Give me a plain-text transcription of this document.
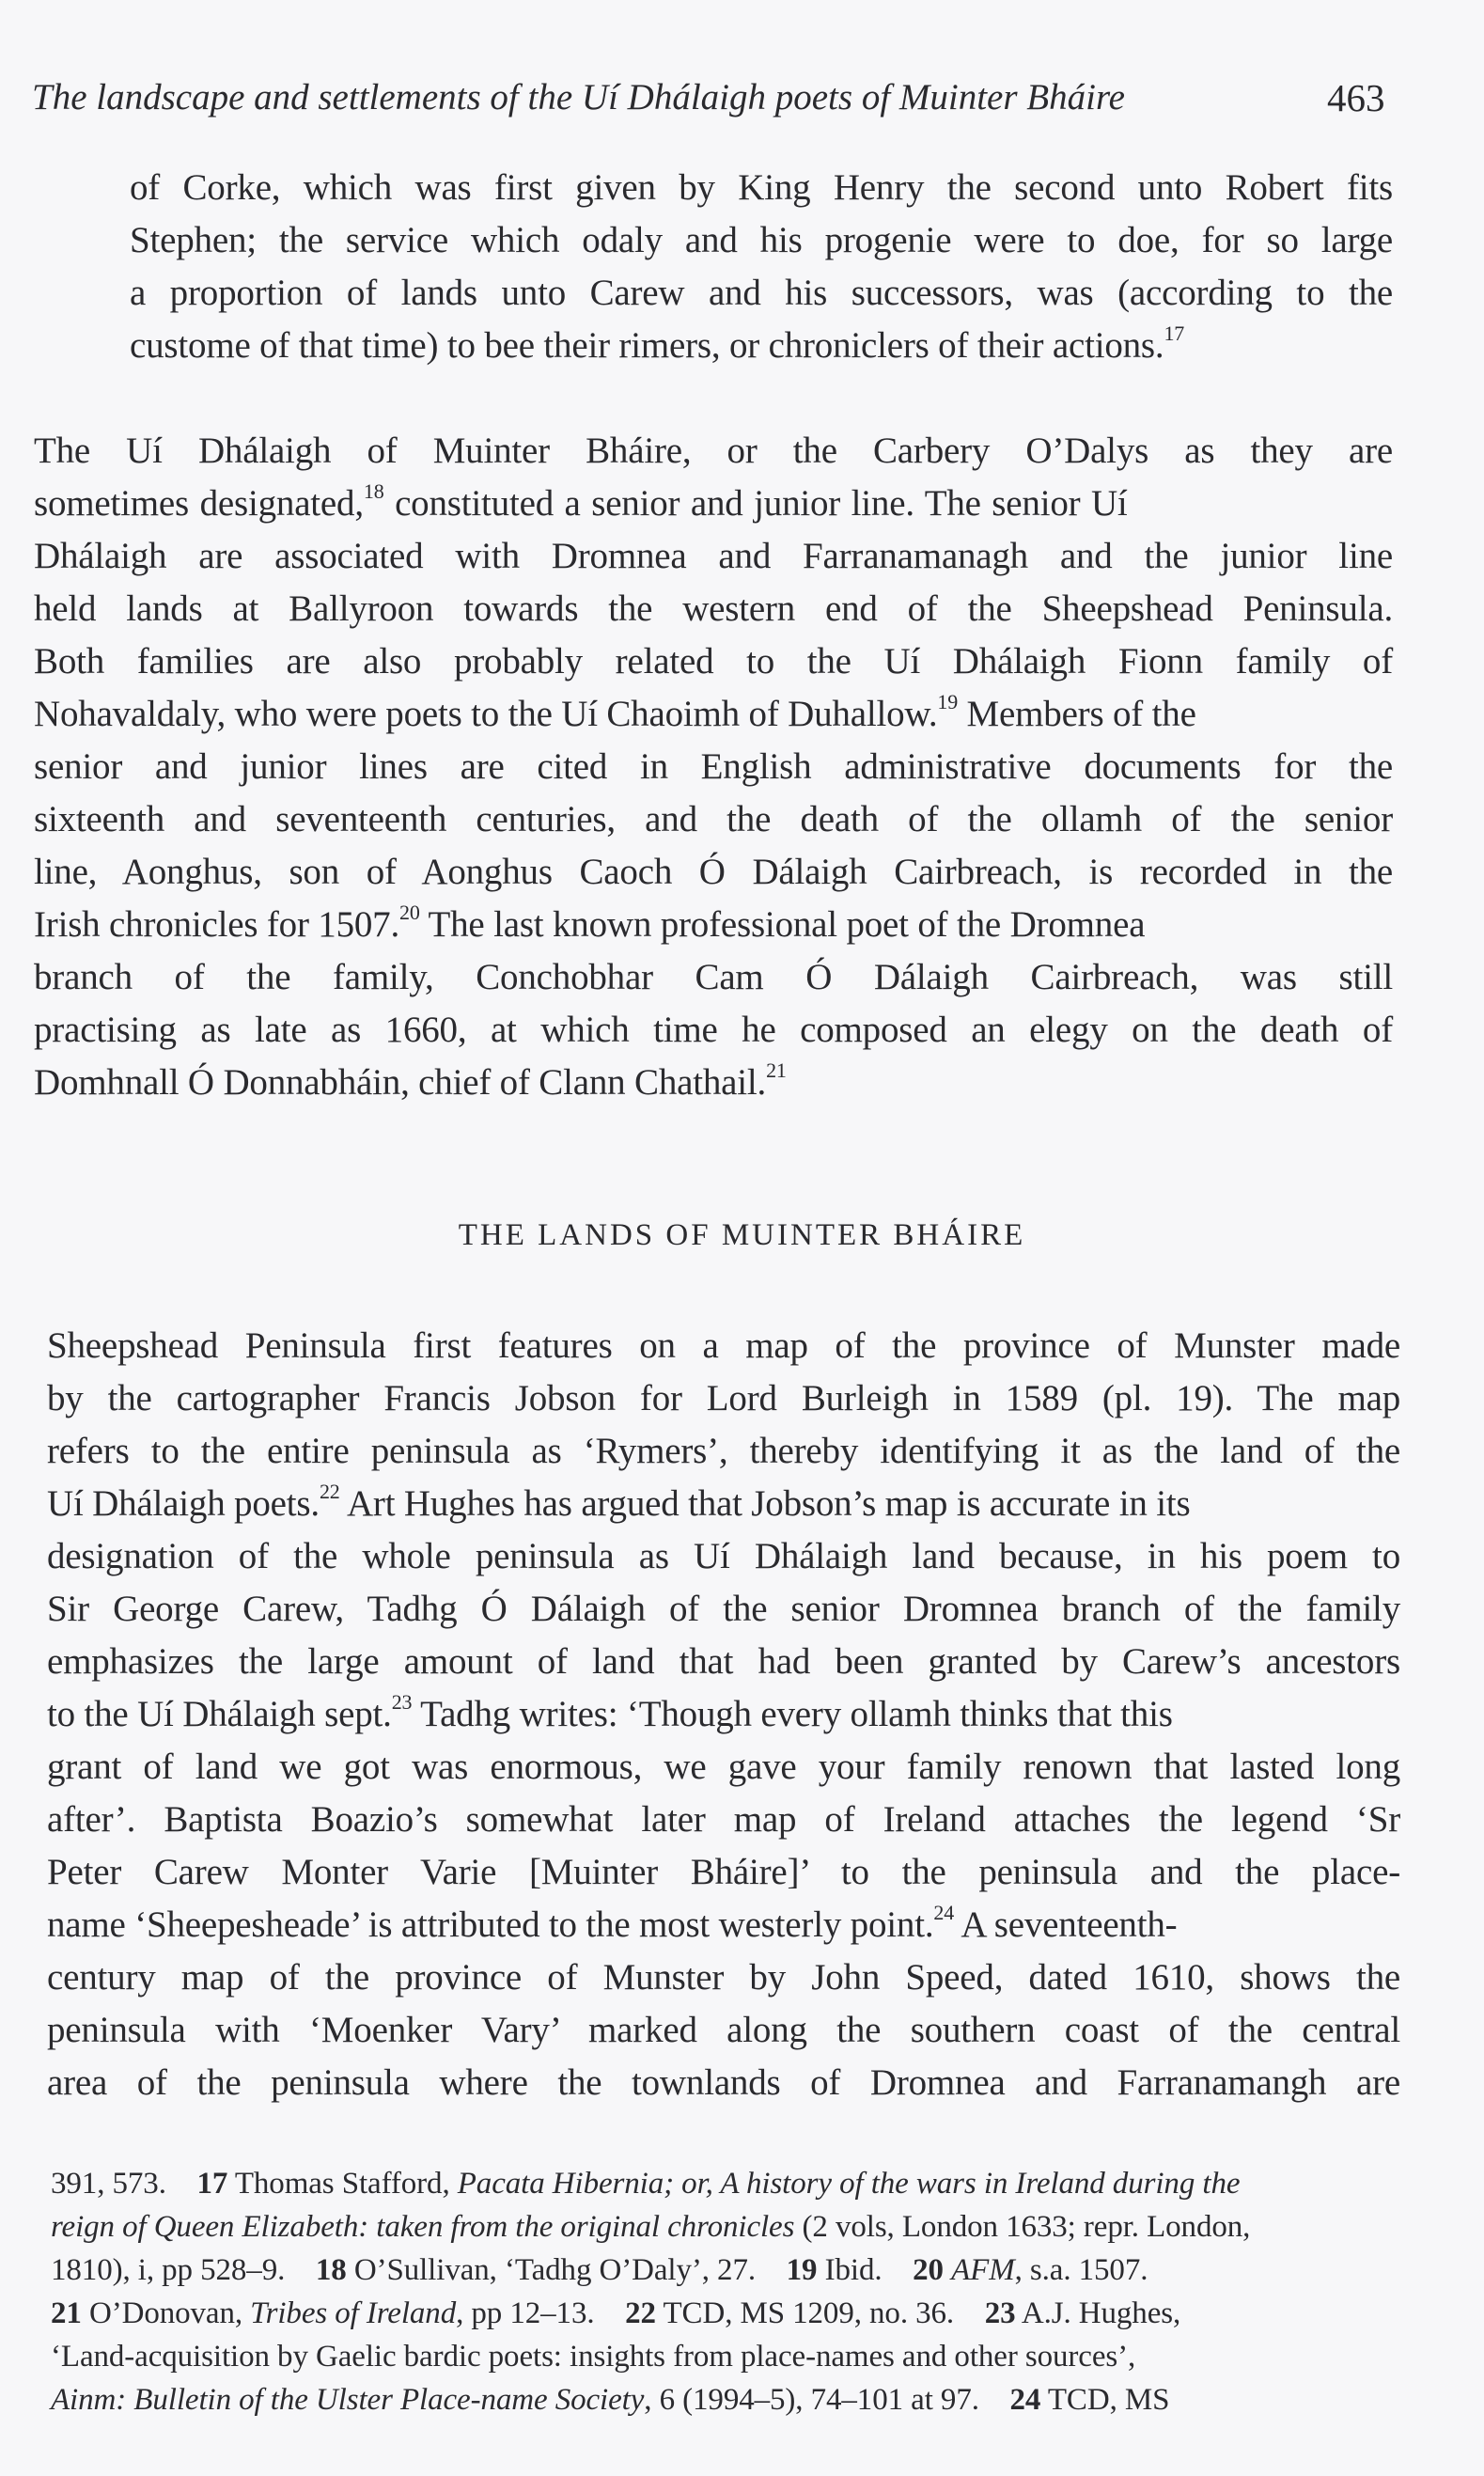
The landscape and settlements of the Uí Dhálaigh poets of Muinter Bháire	463
of Corke, which was first given by King Henry the second unto Robert fits
Stephen; the service which odaly and his progenie were to doe, for so large
a proportion of lands unto Carew and his successors, was (according to the
custome of that time) to bee their rimers, or chroniclers of their actions.$^{17}$
The Uí Dhálaigh of Muinter Bháire, or the Carbery O’Dalys as they are
sometimes designated,$^{18}$ constituted a senior and junior line. The senior Uí
Dhálaigh are associated with Dromnea and Farranamanagh and the junior line
held lands at Ballyroon towards the western end of the Sheepshead Peninsula.
Both families are also probably related to the Uí Dhálaigh Fionn family of
Nohavaldaly, who were poets to the Uí Chaoimh of Duhallow.$^{19}$ Members of the
senior and junior lines are cited in English administrative documents for the
sixteenth and seventeenth centuries, and the death of the ollamh of the senior
line, Aonghus, son of Aonghus Caoch Ó Dálaigh Cairbreach, is recorded in the
Irish chronicles for 1507.20 The last known professional poet of the Dromnea
branch of the family, Conchobhar Cam Ó Dálaigh Cairbreach, was still
practising as late as 1660, at which time he composed an elegy on the death of
Domhnall Ó Donnabháin, chief of Clann Chathail.$^{21}$
THE LANDS OF MUINTER BHÁIRE
Sheepshead Peninsula first features on a map of the province of Munster made
by the cartographer Francis Jobson for Lord Burleigh in 1589 (pl. 19). The map
refers to the entire peninsula as ‘Rymers’, thereby identifying it as the land of the
Uí Dhálaigh poets.$^{22}$ Art Hughes has argued that Jobson’s map is accurate in its
designation of the whole peninsula as Uí Dhálaigh land because, in his poem to
Sir George Carew, Tadhg Ó Dálaigh of the senior Dromnea branch of the family
emphasizes the large amount of land that had been granted by Carew’s ancestors
to the Uí Dhálaigh sept.$^{23}$ Tadhg writes: ‘Though every ollamh thinks that this
grant of land we got was enormous, we gave your family renown that lasted long
after’. Baptista Boazio’s somewhat later map of Ireland attaches the legend ‘Sr
Peter Carew Monter Varie [Muinter Bháire]’ to the peninsula and the place-
name ‘Sheepesheade’ is attributed to the most westerly point.$^{24}$ A seventeenth-
century map of the province of Munster by John Speed, dated 1610, shows the
peninsula with ‘Moenker Vary’ marked along the southern coast of the central
area of the peninsula where the townlands of Dromnea and Farranamangh are
391, 573. 17 Thomas Stafford, Pacata Hibernia; or, A history of the wars in Ireland during the
reign of Queen Elizabeth: taken from the original chronicles (2 vols, London 1633; repr. London,
1810), i, pp 528–9. 18 O’Sullivan, ‘Tadhg O’Daly’, 27. 19 Ibid. 20 AFM, s.a. 1507.
21 O’Donovan, Tribes of Ireland, pp 12–13. 22 TCD, MS 1209, no. 36. 23 A.J. Hughes,
‘Land-acquisition by Gaelic bardic poets: insights from place-names and other sources’,
Ainm: Bulletin of the Ulster Place-name Society, 6 (1994–5), 74–101 at 97. 24 TCD, MS
